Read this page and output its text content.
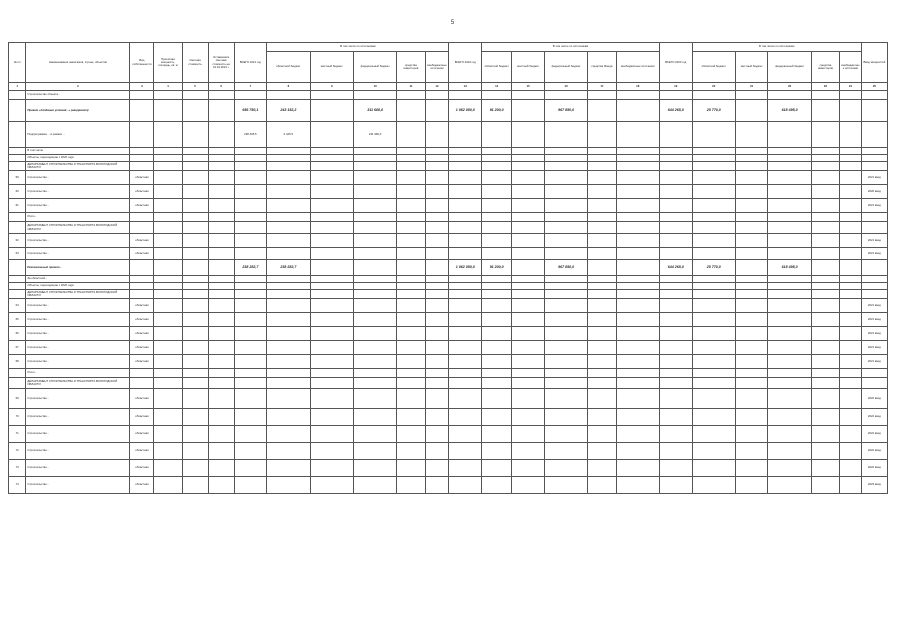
5
№ пп	Наименование заказчиков, строек, объектов	Вид собственности	Проектная мощность, площадь, кв. м	Сметная стоимость	Оставшаяся сметная стоимость на 01.01.2021 г.	ВСЕГО 2021 год	В том числе по источникам					ВСЕГО 2022 год	В том числе по источникам					ВСЕГО 2023 год	В том числе по источникам					Ввод мощностей
							областной бюджет	местный бюджет	федеральный бюджет	средства инвесторов	внебюджетные источники		областной бюджет	местный бюджет	федеральный бюджет	средства Фонда	внебюджетные источники		областной бюджет	местный бюджет	федеральный бюджет	средства инвесторов	внебюджетные источники	
1	2	3	4	5	6	7	8	9	10	11	12	13	14	15	16	17	18	19	20	21	22	23	24	25
	Строительство объекта...																							
	Проект «Создание условий...» (нацпроект)					656 750,1	243 152,2		311 668,0			1 062 050,0	91 200,0		967 850,0			644 265,0	25 770,0		618 495,0			
	Подпрограмма ... в рамках ...					238 405,5	6 445,5		231 960,0															
	В том числе																							
	Объекты, переходящие с 2020 года																							
	ДЕПАРТАМЕНТ СТРОИТЕЛЬСТВА И ТРАНСПОРТА ВОЛОГОДСКОЙ ОБЛАСТИ																							
59	Строительство...	областная																						2021 ввод
60	Строительство...	областная																						2020 ввод
61	Строительство...	областная																						2021 ввод
	Итого...																							
	ДЕПАРТАМЕНТ СТРОИТЕЛЬСТВА И ТРАНСПОРТА ВОЛОГОДСКОЙ ОБЛАСТИ																							
62	Строительство...	областная																						2021 ввод
63	Строительство...	областная																						2021 ввод
	Региональный проект...					238 282,7	238 282,7					1 062 050,0	91 200,0		967 850,0			644 265,0	25 770,0		618 495,0			
	За областной...																							
	Объекты, переходящие с 2020 года																							
	ДЕПАРТАМЕНТ СТРОИТЕЛЬСТВА И ТРАНСПОРТА ВОЛОГОДСКОЙ ОБЛАСТИ																							
64	Строительство...	областная																						2021 ввод
65	Строительство...	областная																						2021 ввод
66	Строительство...	областная																						2021 ввод
67	Строительство...	областная																						2021 ввод
68	Строительство...	областная																						2021 ввод
	Итого...																							
	ДЕПАРТАМЕНТ СТРОИТЕЛЬСТВА И ТРАНСПОРТА ВОЛОГОДСКОЙ ОБЛАСТИ																							
69	Строительство...	областная																						2022 ввод
70	Строительство...	областная																						2022 ввод
71	Строительство...	областная																						2022 ввод
72	Строительство...	областная																						2022 ввод
73	Строительство...	областная																						2022 ввод
74	Строительство...	областная																						2023 ввод
